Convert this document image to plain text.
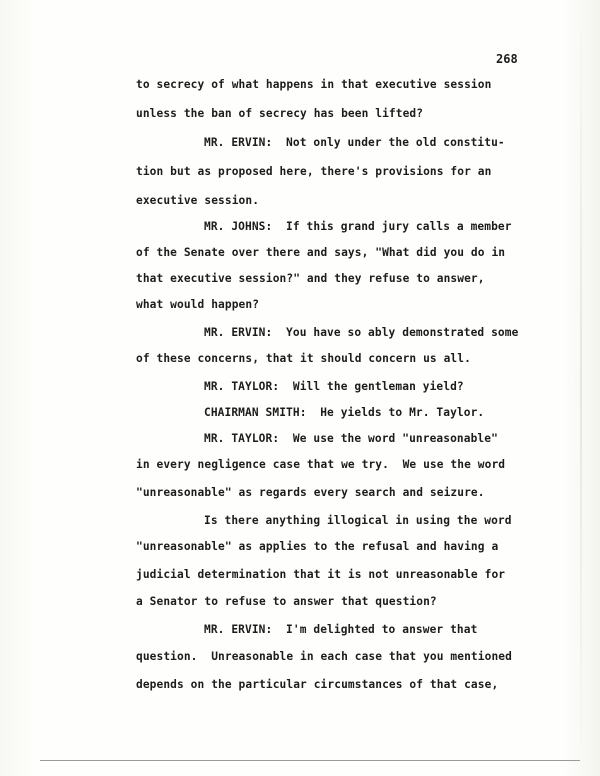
268
to secrecy of what happens in that executive session
unless the ban of secrecy has been lifted?
MR. ERVIN:  Not only under the old constitu-
tion but as proposed here, there's provisions for an
executive session.
MR. JOHNS:  If this grand jury calls a member
of the Senate over there and says, "What did you do in
that executive session?" and they refuse to answer,
what would happen?
MR. ERVIN:  You have so ably demonstrated some
of these concerns, that it should concern us all.
MR. TAYLOR:  Will the gentleman yield?
CHAIRMAN SMITH:  He yields to Mr. Taylor.
MR. TAYLOR:  We use the word "unreasonable"
in every negligence case that we try.  We use the word
"unreasonable" as regards every search and seizure.
Is there anything illogical in using the word
"unreasonable" as applies to the refusal and having a
judicial determination that it is not unreasonable for
a Senator to refuse to answer that question?
MR. ERVIN:  I'm delighted to answer that
question.  Unreasonable in each case that you mentioned
depends on the particular circumstances of that case,
